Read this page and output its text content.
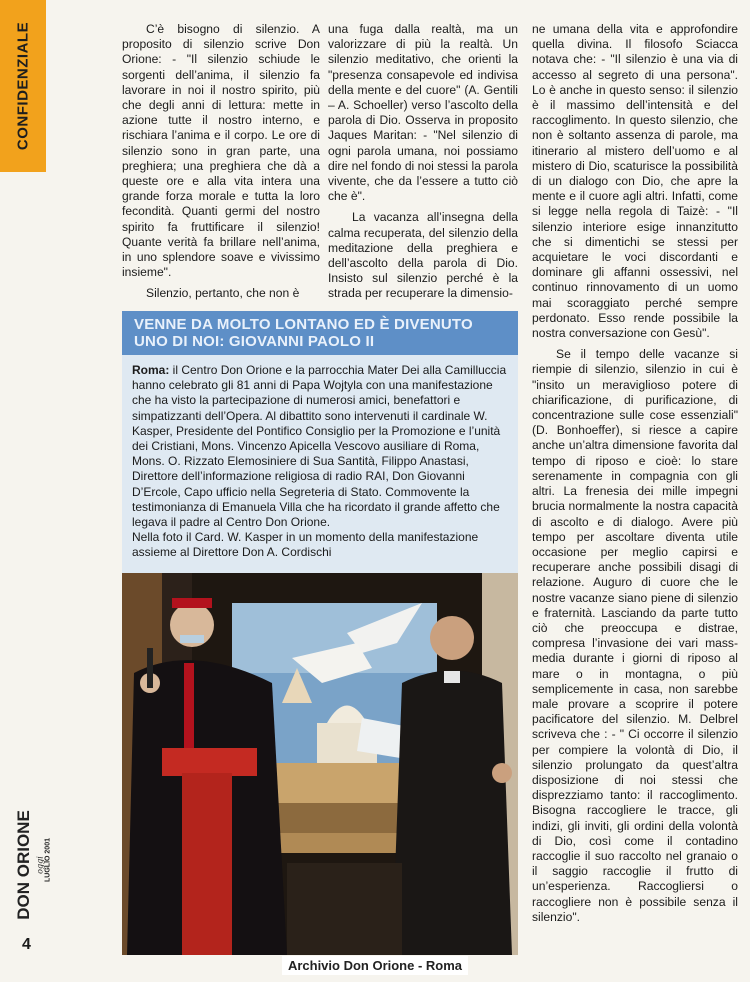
CONFIDENZIALE	C’è bisogno di silenzio. A proposito di silenzio scrive Don Orione: - "Il silenzio schiude le sorgenti dell’anima, il silenzio fa lavorare in noi il nostro spirito, più che degli anni di lettura: mette in azione tutte il nostro interno, e rischiara l’anima e il corpo. Le ore di silenzio sono in gran parte, una preghiera; una preghiera che dà a queste ore e alla vita intera una grande forza morale e tutta la loro fecondità. Quanti germi del nostro spirito fa fruttificare il silenzio! Quante verità fa brillare nell’anima, in uno splendore soave e vivissimo insieme".

Silenzio, pertanto, che non è

una fuga dalla realtà, ma un valorizzare di più la realtà. Un silenzio meditativo, che orienti la "presenza consapevole ed indivisa della mente e del cuore" (A. Gentili – A. Schoeller) verso l’ascolto della parola di Dio. Osserva in proposito Jaques Maritan: - "Nel silenzio di ogni parola umana, noi possiamo dire nel fondo di noi stessi la parola vivente, che da l’essere a tutto ciò che è".

La vacanza all’insegna della calma recuperata, del silenzio della meditazione della preghiera e dell’ascolto della parola di Dio. Insisto sul silenzio perché è la strada per recuperare la dimensio-

ne umana della vita e approfondire quella divina. Il filosofo Sciacca notava che: - "Il silenzio è una via di accesso al segreto di una persona". Lo è anche in questo senso: il silenzio è il massimo dell’intensità e del raccoglimento. In questo silenzio, che non è soltanto assenza di parole, ma itinerario al mistero dell’uomo e al mistero di Dio, scaturisce la possibilità di un dialogo con Dio, che apre la mente e il cuore agli altri. Infatti, come si legge nella regola di Taizè: - "Il silenzio interiore esige innanzitutto che si dimentichi se stessi per acquietare le voci discordanti e dominare gli affanni ossessivi, nel continuo rinnovamento di un uomo mai scoraggiato perché sempre perdonato. Esso rende possibile la nostra conversazione con Gesù".

Se il tempo delle vacanze si riempie di silenzio, silenzio in cui è "insito un meraviglioso potere di chiarificazione, di purificazione, di concentrazione sulle cose essenziali" (D. Bonhoeffer), si riesce a capire anche un’altra dimensione favorita dal tempo di riposo e cioè: lo stare serenamente in compagnia con gli altri. La frenesia dei mille impegni brucia normalmente la nostra capacità di ascolto e di dialogo. Avere più tempo per ascoltare diventa utile occasione per meglio capirsi e recuperare anche possibili disagi di relazione. Auguro di cuore che le nostre vacanze siano piene di silenzio e fraternità. Lasciando da parte tutto ciò che preoccupa e distrae, compresa l’invasione dei vari mass-media durante i giorni di riposo al mare o in montagna, o più semplicemente in casa, non sarebbe male provare a scoprire il potere pacificatore del silenzio. M. Delbrel scriveva che : - " Ci occorre il silenzio per compiere la volontà di Dio, il silenzio prolungato da quest’altra disposizione di noi stessi che disprezziamo tanto: il raccoglimento. Bisogna raccogliere le tracce, gli indizi, gli inviti, gli ordini della volontà di Dio, così come il contadino raccoglie il suo raccolto nel granaio o il saggio raccoglie il frutto di un’esperienza. Raccogliersi o raccogliere non è possibile senza il silenzio".

VENNE DA MOLTO LONTANO ED È DIVENUTO UNO DI NOI: GIOVANNI PAOLO II

Roma: il Centro Don Orione e la parrocchia Mater Dei alla Camilluccia hanno celebrato gli 81 anni di Papa Wojtyla con una manifestazione che ha visto la partecipazione di numerosi amici, benefattori e simpatizzanti dell’Opera. Al dibattito sono intervenuti il cardinale W. Kasper, Presidente del Pontifico Consiglio per la Promozione e l’unità dei Cristiani, Mons. Vincenzo Apicella Vescovo ausiliare di Roma, Mons. O. Rizzato Elemosiniere di Sua Santità, Filippo Anastasi, Direttore dell’informazione religiosa di radio RAI, Don Giovanni D’Ercole, Capo ufficio nella Segreteria di Stato. Commovente la testimonianza di Emanuela Villa che ha ricordato il grande affetto che legava il padre al Centro Don Orione.

Nella foto il Card. W. Kasper in un momento della manifestazione assieme al Direttore Don A. Cordischi

DON ORIONE oggi LUGLIO 2001
4
Archivio Don Orione - Roma
